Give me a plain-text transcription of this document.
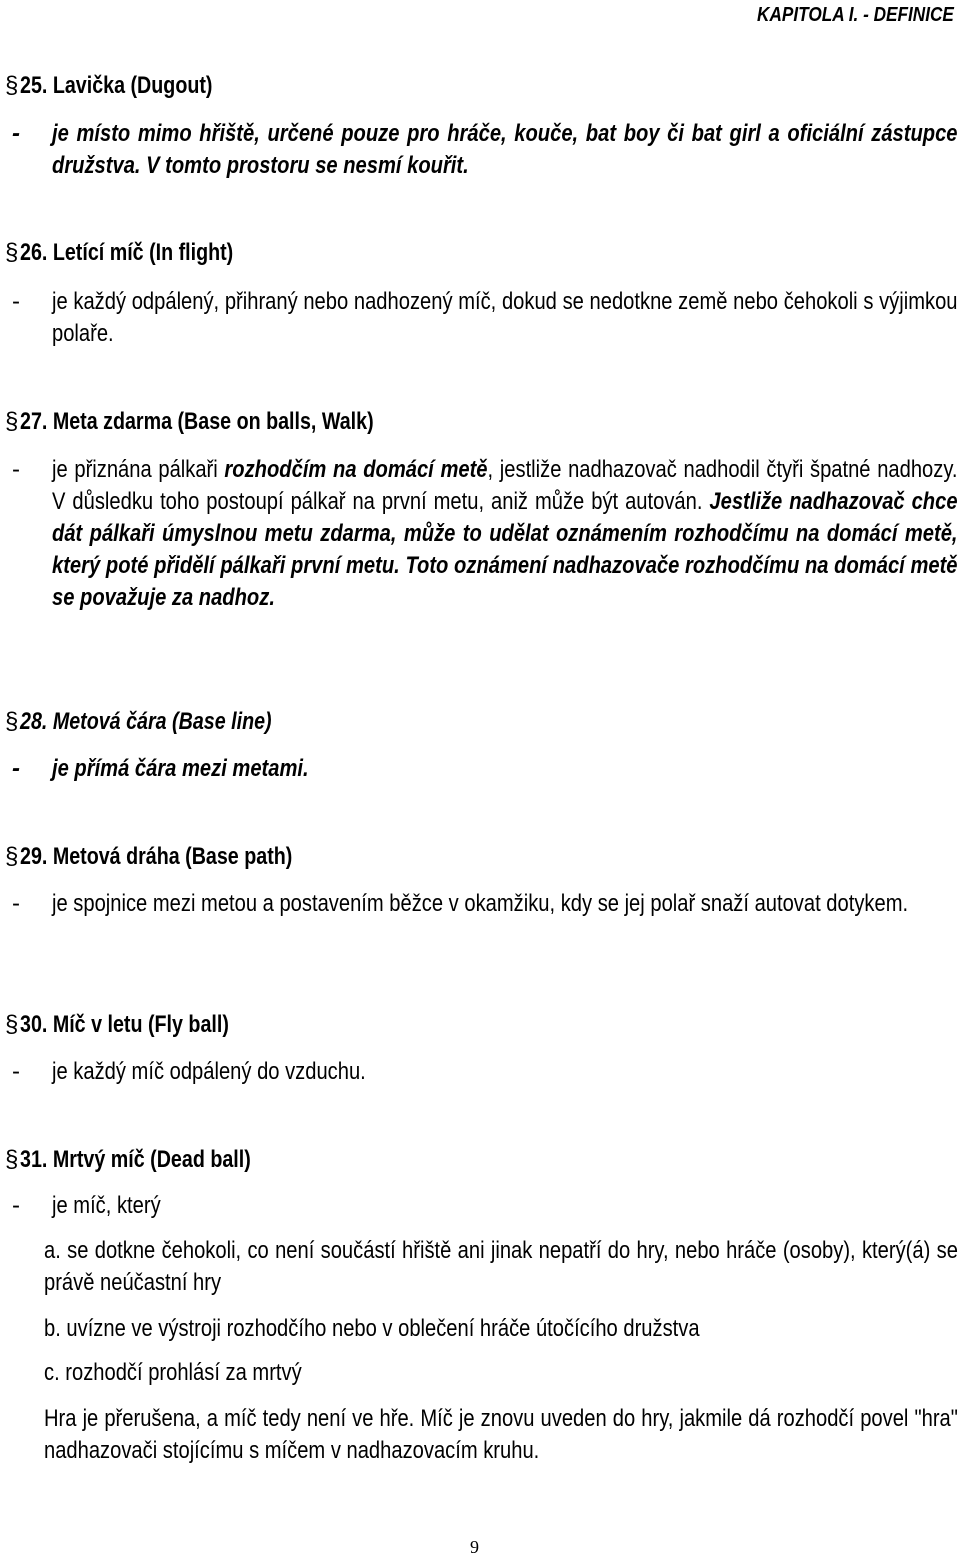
KAPITOLA I. - DEFINICE
§25. Lavička (Dugout)
- je místo mimo hřiště, určené pouze pro hráče, kouče, bat boy či bat girl a oficiální zástupce družstva. V tomto prostoru se nesmí kouřit.
§26. Letící míč (In flight)
- je každý odpálený, přihraný nebo nadhozený míč, dokud se nedotkne země nebo čehokoli s výjimkou polaře.
§27. Meta zdarma (Base on balls, Walk)
- je přiznána pálkaři rozhodčím na domácí metě, jestliže nadhazovač nadhodil čtyři špatné nadhozy. V důsledku toho postoupí pálkař na první metu, aniž může být autován. Jestliže nadhazovač chce dát pálkaři úmyslnou metu zdarma, může to udělat oznámením rozhodčímu na domácí metě, který poté přidělí pálkaři první metu. Toto oznámení nadhazovače rozhodčímu na domácí metě se považuje za nadhoz.
§28. Metová čára (Base line)
- je přímá čára mezi metami.
§29. Metová dráha (Base path)
- je spojnice mezi metou a postavením běžce v okamžiku, kdy se jej polař snaží autovat dotykem.
§30. Míč v letu (Fly ball)
- je každý míč odpálený do vzduchu.
§31. Mrtvý míč (Dead ball)
- je míč, který
a. se dotkne čehokoli, co není součástí hřiště ani jinak nepatří do hry, nebo hráče (osoby), který(á) se právě neúčastní hry
b. uvízne ve výstroji rozhodčího nebo v oblečení hráče útočícího družstva
c. rozhodčí prohlásí za mrtvý
Hra je přerušena, a míč tedy není ve hře. Míč je znovu uveden do hry, jakmile dá rozhodčí povel "hra" nadhazovači stojícímu s míčem v nadhazovacím kruhu.
9
